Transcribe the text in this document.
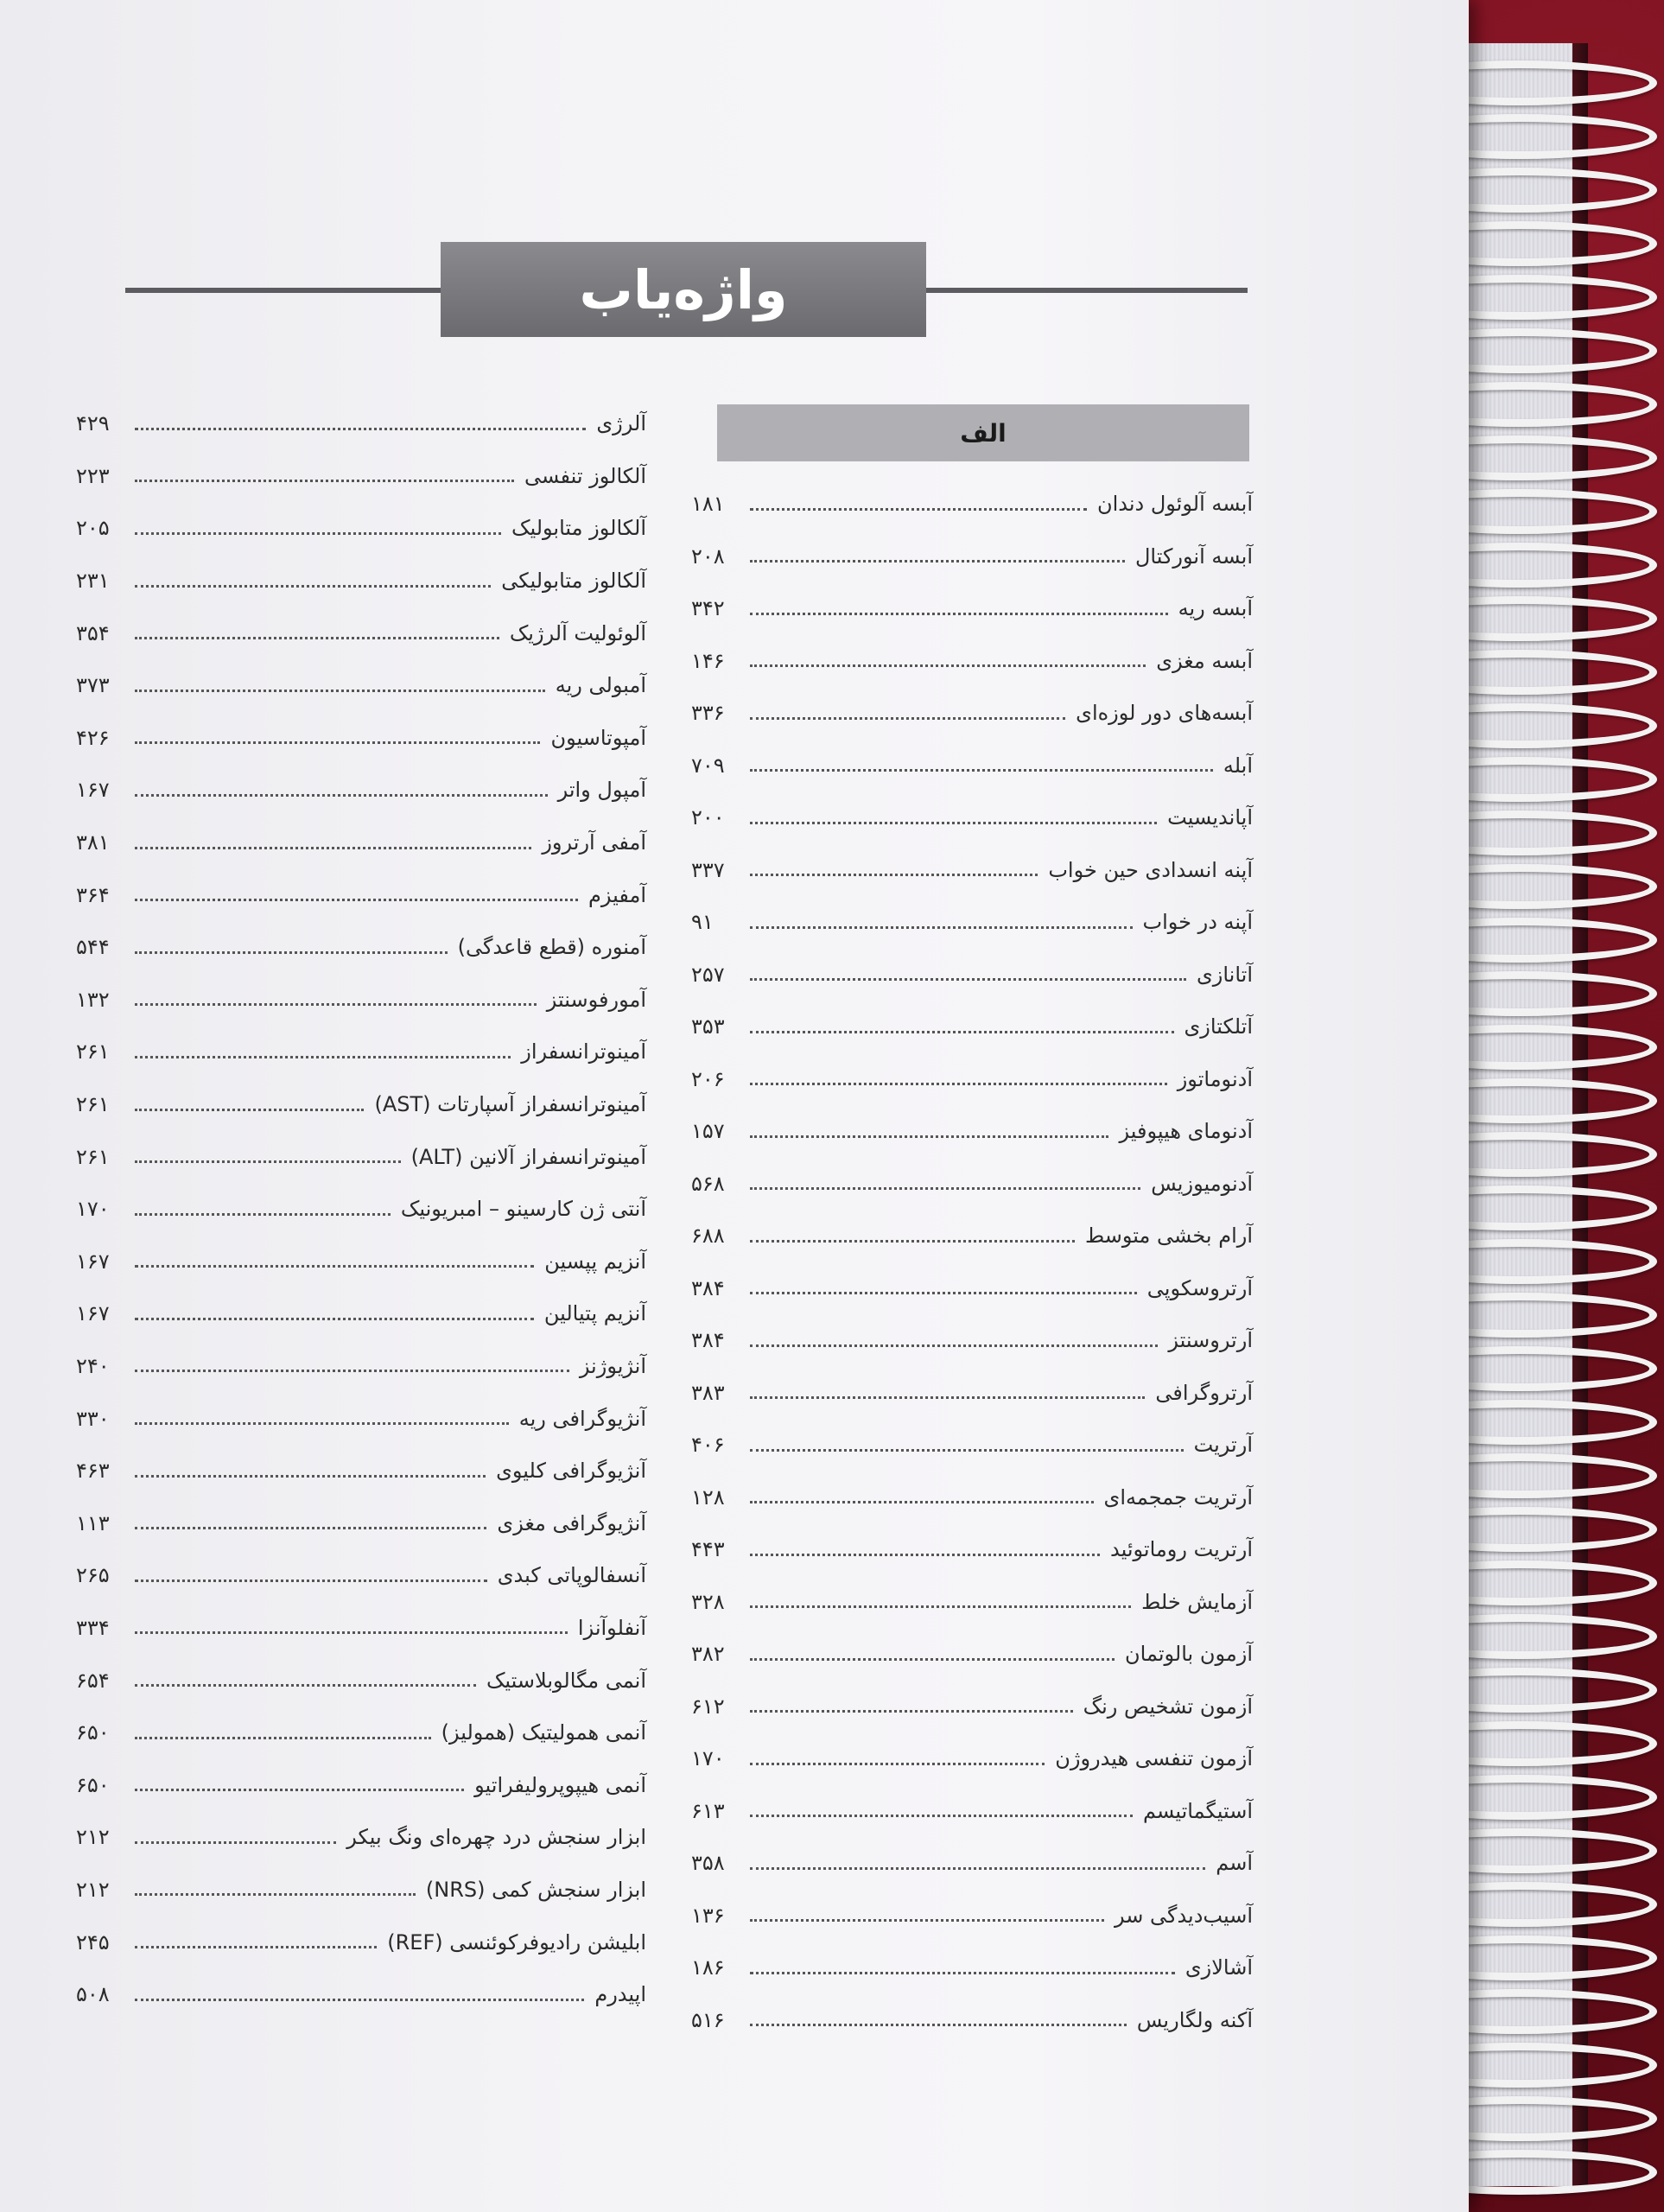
واژه‌یاب
الف
آبسه آلوئول دندان
۱۸۱
آبسه آنورکتال
۲۰۸
آبسه ریه
۳۴۲
آبسه مغزی
۱۴۶
آبسه‌های دور لوزه‌ای
۳۳۶
آبله
۷۰۹
آپاندیسیت
۲۰۰
آپنه انسدادی حین خواب
۳۳۷
آپنه در خواب
۹۱
آتانازی
۲۵۷
آتلکتازی
۳۵۳
آدنوماتوز
۲۰۶
آدنومای هیپوفیز
۱۵۷
آدنومیوزیس
۵۶۸
آرام بخشی متوسط
۶۸۸
آرتروسکوپی
۳۸۴
آرتروسنتز
۳۸۴
آرتروگرافی
۳۸۳
آرتریت
۴۰۶
آرتریت جمجمه‌ای
۱۲۸
آرتریت روماتوئید
۴۴۳
آزمایش خلط
۳۲۸
آزمون بالوتمان
۳۸۲
آزمون تشخیص رنگ
۶۱۲
آزمون تنفسی هیدروژن
۱۷۰
آستیگماتیسم
۶۱۳
آسم
۳۵۸
آسیب‌دیدگی سر
۱۳۶
آشالازی
۱۸۶
آکنه ولگاریس
۵۱۶
آلرژی
۴۲۹
آلکالوز تنفسی
۲۲۳
آلکالوز متابولیک
۲۰۵
آلکالوز متابولیکی
۲۳۱
آلوئولیت آلرژیک
۳۵۴
آمبولی ریه
۳۷۳
آمپوتاسیون
۴۲۶
آمپول واتر
۱۶۷
آمفی آرتروز
۳۸۱
آمفیزم
۳۶۴
آمنوره (قطع قاعدگی)
۵۴۴
آمورفوسنتز
۱۳۲
آمینوترانسفراز
۲۶۱
آمینوترانسفراز آسپارتات (AST)
۲۶۱
آمینوترانسفراز آلانین (ALT)
۲۶۱
آنتی ژن کارسینو – امبریونیک
۱۷۰
آنزیم پپسین
۱۶۷
آنزیم پتیالین
۱۶۷
آنژیوژنز
۲۴۰
آنژیوگرافی ریه
۳۳۰
آنژیوگرافی کلیوی
۴۶۳
آنژیوگرافی مغزی
۱۱۳
آنسفالوپاتی کبدی
۲۶۵
آنفلوآنزا
۳۳۴
آنمی مگالوبلاستیک
۶۵۴
آنمی همولیتیک (همولیز)
۶۵۰
آنمی هیپوپرولیفراتیو
۶۵۰
ابزار سنجش درد چهره‌ای ونگ بیکر
۲۱۲
ابزار سنجش کمی (NRS)
۲۱۲
ابلیشن رادیوفرکوئنسی (REF)
۲۴۵
اپیدرم
۵۰۸
